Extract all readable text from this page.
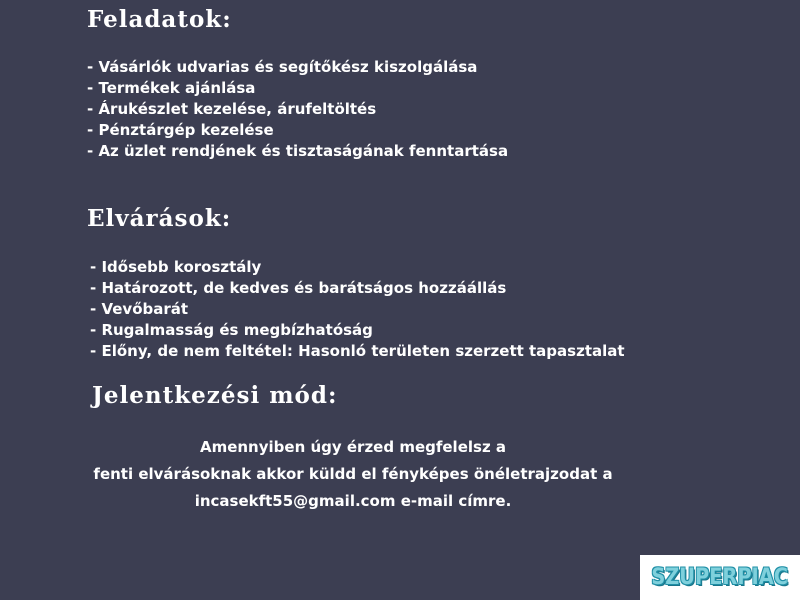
Feladatok:
- Vásárlók udvarias és segítőkész kiszolgálása
- Termékek ajánlása
- Árukészlet kezelése, árufeltöltés
- Pénztárgép kezelése
- Az üzlet rendjének és tisztaságának fenntartása
Elvárások:
- Idősebb korosztály
- Határozott, de kedves és barátságos hozzáállás
- Vevőbarát
- Rugalmasság és megbízhatóság
- Előny, de nem feltétel: Hasonló területen szerzett tapasztalat
Jelentkezési mód:
Amennyiben úgy érzed megfelelsz a
fenti elvárásoknak akkor küldd el fényképes önéletrajzodat a
incasekft55@gmail.com e-mail címre.
SZUPERPIAC
